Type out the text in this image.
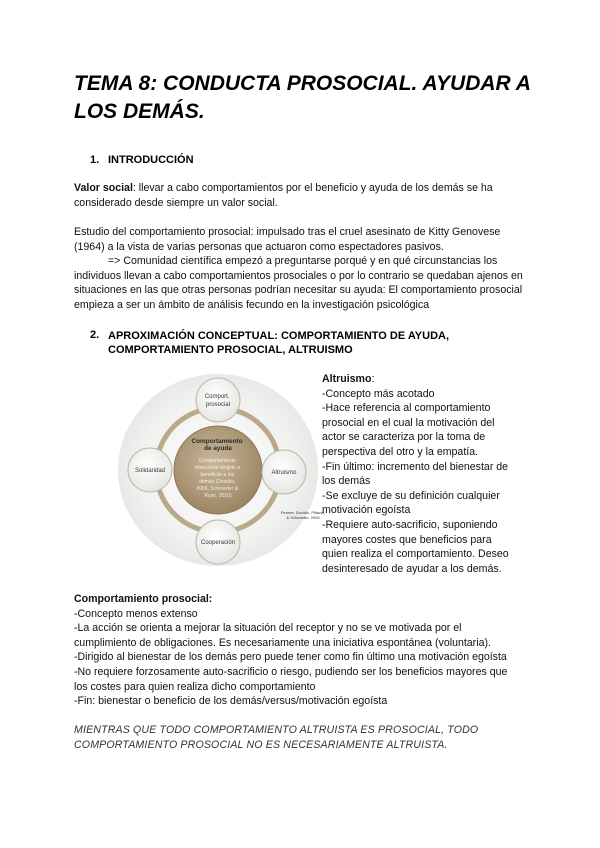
TEMA 8: CONDUCTA PROSOCIAL. AYUDAR A LOS DEMÁS.
1. INTRODUCCIÓN
Valor social: llevar a cabo comportamientos por el beneficio y ayuda de los demás se ha considerado desde siempre un valor social.
Estudio del comportamiento prosocial: impulsado tras el cruel asesinato de Kitty Genovese (1964) a la vista de varias personas que actuaron como espectadores pasivos.
=> Comunidad científica empezó a preguntarse porqué y en qué circunstancias los individuos llevan a cabo comportamientos prosociales o por lo contrario se quedaban ajenos en situaciones en las que otras personas podrían necesitar su ayuda: El comportamiento prosocial empieza a ser un ámbito de análisis fecundo en la investigación psicológica
2. APROXIMACIÓN CONCEPTUAL: COMPORTAMIENTO DE AYUDA,
COMPORTAMIENTO PROSOCIAL, ALTRUISMO
Comportamiento de ayuda
Comportamiento intencional dirigido a beneficiar a los demás (Dovidio, 2006, Schroeder & Ryan, 2010)
Comport. prosocial
Altruismo
Cooperación
Solidaridad
Penner, Dovidio, Piliavin, & Schroeder, 2005
Altruismo:
-Concepto más acotado
-Hace referencia al comportamiento
prosocial en el cual la motivación del
actor se caracteriza por la toma de
perspectiva del otro y la empatía.
-Fin último: incremento del bienestar de
los demás
-Se excluye de su definición cualquier
motivación egoísta
-Requiere auto-sacrificio, suponiendo
mayores costes que beneficios para
quien realiza el comportamiento. Deseo
desinteresado de ayudar a los demás.
Comportamiento prosocial:
-Concepto menos extenso
-La acción se orienta a mejorar la situación del receptor y no se ve motivada por el
cumplimiento de obligaciones. Es necesariamente una iniciativa espontánea (voluntaria).
-Dirigido al bienestar de los demás pero puede tener como fin último una motivación egoísta
-No requiere forzosamente auto-sacrificio o riesgo, pudiendo ser los beneficios mayores que
los costes para quien realiza dicho comportamiento
-Fin: bienestar o beneficio de los demás/versus/motivación egoísta
MIENTRAS QUE TODO COMPORTAMIENTO ALTRUISTA ES PROSOCIAL, TODO
COMPORTAMIENTO PROSOCIAL NO ES NECESARIAMENTE ALTRUISTA.
